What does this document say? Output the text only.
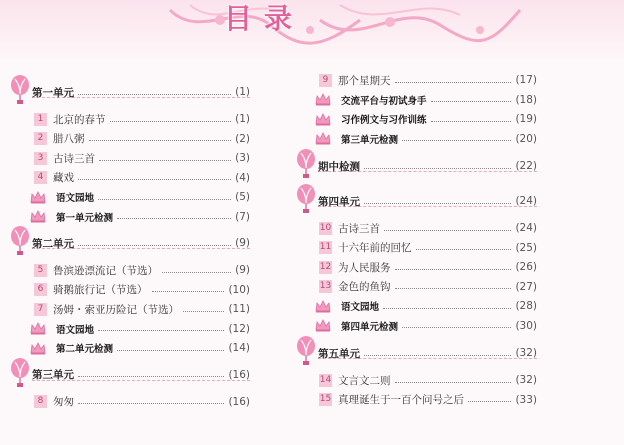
目录
第一单元	(1)
1 北京的春节	(1)
2 腊八粥	(2)
3 古诗三首	(3)
4 藏戏	(4)
语文园地	(5)
第一单元检测	(7)
第二单元	(9)
5 鲁滨逊漂流记（节选）	(9)
6 骑鹅旅行记（节选）	(10)
7 汤姆・索亚历险记（节选）	(11)
语文园地	(12)
第二单元检测	(14)
第三单元	(16)
8 匆匆	(16)
9 那个星期天	(17)
交流平台与初试身手	(18)
习作例文与习作训练	(19)
第三单元检测	(20)
期中检测	(22)
第四单元	(24)
10 古诗三首	(24)
11 十六年前的回忆	(25)
12 为人民服务	(26)
13 金色的鱼钩	(27)
语文园地	(28)
第四单元检测	(30)
第五单元	(32)
14 文言文二则	(32)
15 真理诞生于一百个问号之后	(33)
